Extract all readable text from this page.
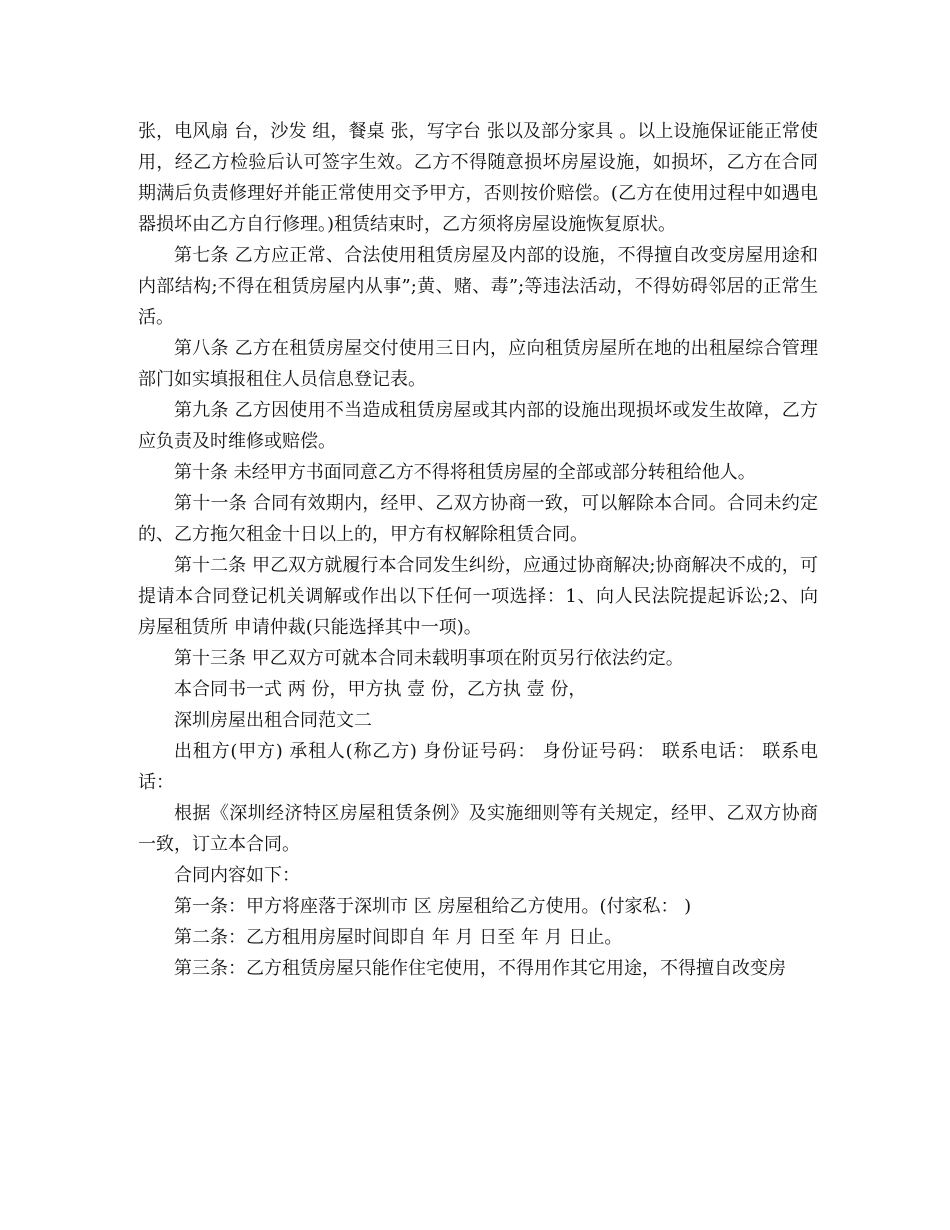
张，电风扇 台，沙发 组，餐桌 张，写字台 张以及部分家具 。以上设施保证能正常使用，经乙方检验后认可签字生效。乙方不得随意损坏房屋设施，如损坏，乙方在合同期满后负责修理好并能正常使用交予甲方，否则按价赔偿。(乙方在使用过程中如遇电器损坏由乙方自行修理。)租赁结束时，乙方须将房屋设施恢复原状。

第七条 乙方应正常、合法使用租赁房屋及内部的设施，不得擅自改变房屋用途和内部结构;不得在租赁房屋内从事”;黄、赌、毒”;等违法活动，不得妨碍邻居的正常生活。

第八条 乙方在租赁房屋交付使用三日内，应向租赁房屋所在地的出租屋综合管理部门如实填报租住人员信息登记表。

第九条 乙方因使用不当造成租赁房屋或其内部的设施出现损坏或发生故障，乙方应负责及时维修或赔偿。

第十条 未经甲方书面同意乙方不得将租赁房屋的全部或部分转租给他人。

第十一条 合同有效期内，经甲、乙双方协商一致，可以解除本合同。合同未约定的、乙方拖欠租金十日以上的，甲方有权解除租赁合同。

第十二条 甲乙双方就履行本合同发生纠纷，应通过协商解决;协商解决不成的，可提请本合同登记机关调解或作出以下任何一项选择：1、向人民法院提起诉讼;2、向 房屋租赁所 申请仲裁(只能选择其中一项)。

第十三条 甲乙双方可就本合同未载明事项在附页另行依法约定。

本合同书一式 两 份，甲方执 壹 份，乙方执 壹 份，

深圳房屋出租合同范文二

出租方(甲方) 承租人(称乙方) 身份证号码： 身份证号码： 联系电话： 联系电话：

根据《深圳经济特区房屋租赁条例》及实施细则等有关规定，经甲、乙双方协商一致，订立本合同。

合同内容如下：

第一条：甲方将座落于深圳市 区 房屋租给乙方使用。(付家私： )

第二条：乙方租用房屋时间即自 年 月 日至 年 月 日止。

第三条：乙方租赁房屋只能作住宅使用，不得用作其它用途，不得擅自改变房
